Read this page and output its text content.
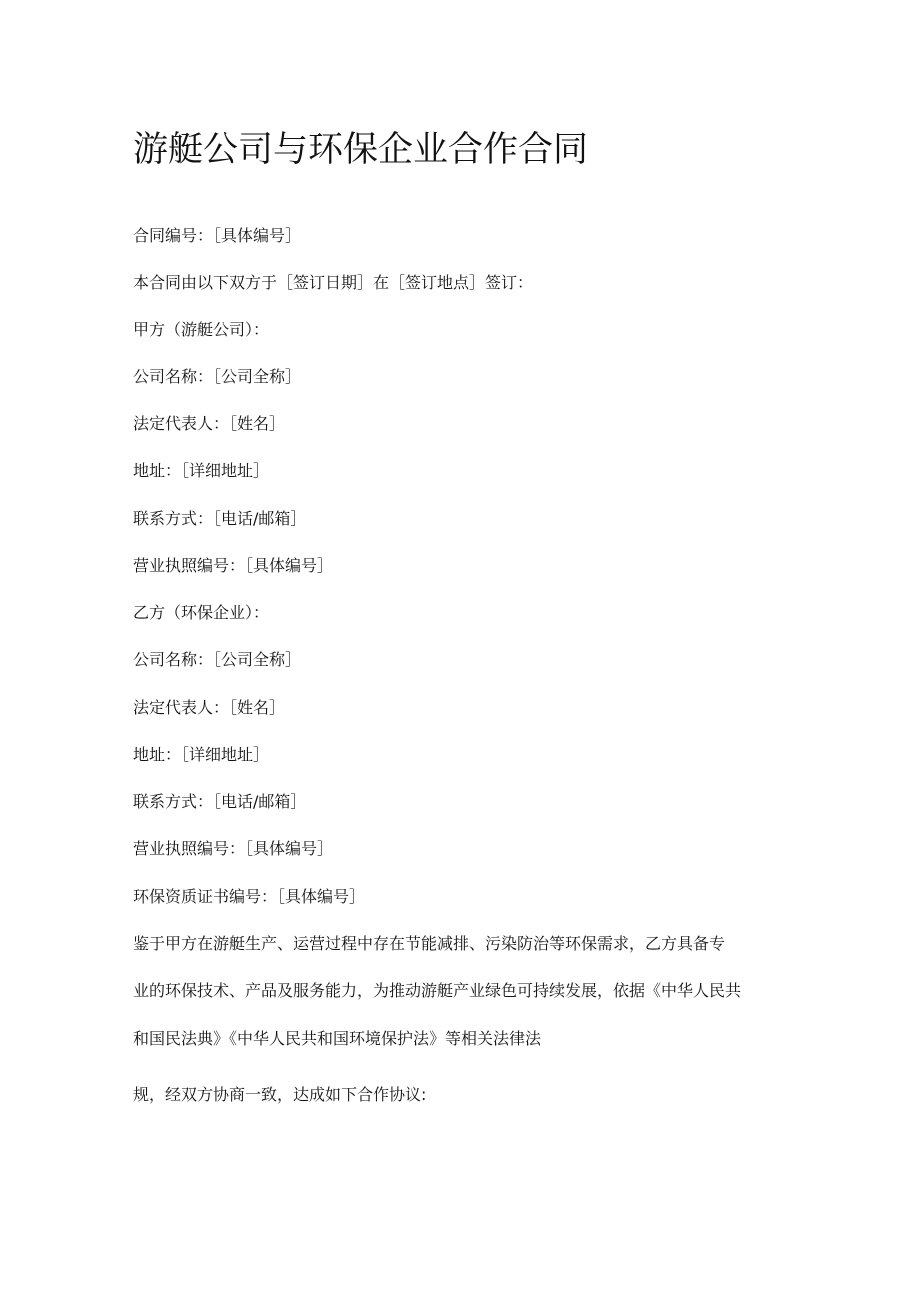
游艇公司与环保企业合作合同
合同编号：［具体编号］
本合同由以下双方于［签订日期］在［签订地点］签订：
甲方（游艇公司）：
公司名称：［公司全称］
法定代表人：［姓名］
地址：［详细地址］
联系方式：［电话/邮箱］
营业执照编号：［具体编号］
乙方（环保企业）：
公司名称：［公司全称］
法定代表人：［姓名］
地址：［详细地址］
联系方式：［电话/邮箱］
营业执照编号：［具体编号］
环保资质证书编号：［具体编号］
鉴于甲方在游艇生产、运营过程中存在节能减排、污染防治等环保需求，乙方具备专
业的环保技术、产品及服务能力，为推动游艇产业绿色可持续发展，依据《中华人民共
和国民法典》《中华人民共和国环境保护法》等相关法律法
规，经双方协商一致，达成如下合作协议:
